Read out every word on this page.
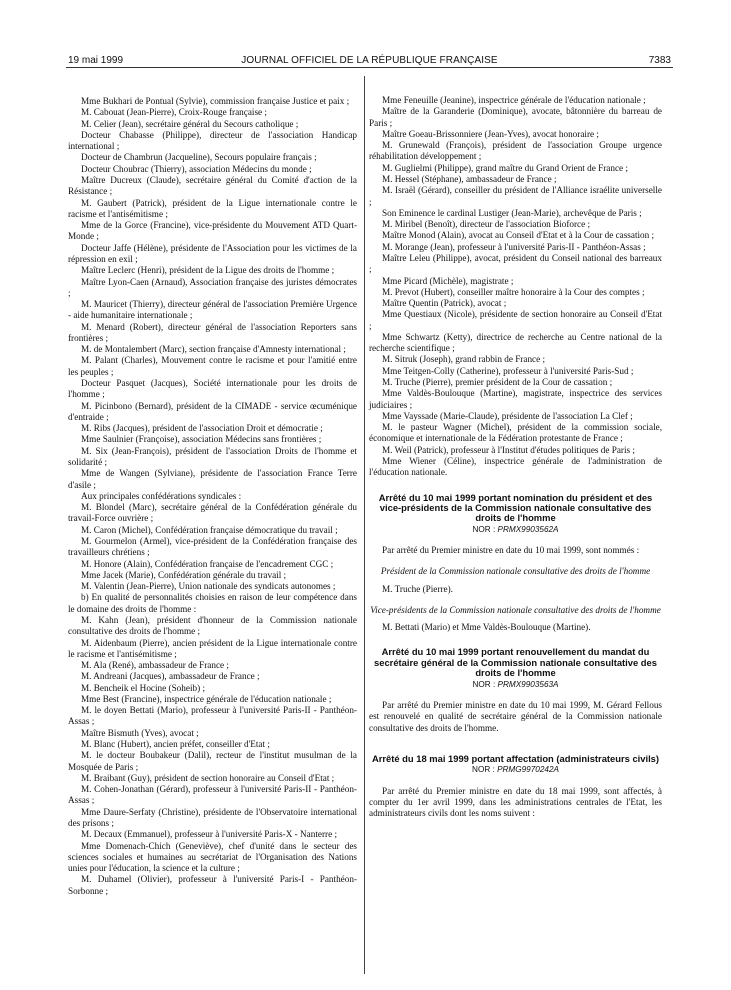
19 mai 1999	JOURNAL OFFICIEL DE LA RÉPUBLIQUE FRANÇAISE	7383

Mme Bukhari de Pontual (Sylvie), commission française Justice et paix ;

M. Cabouat (Jean-Pierre), Croix-Rouge française ;

M. Celier (Jean), secrétaire général du Secours catholique ;

Docteur Chabasse (Philippe), directeur de l'association Handicap international ;

Docteur de Chambrun (Jacqueline), Secours populaire français ;

Docteur Choubrac (Thierry), association Médecins du monde ;

Maître Ducreux (Claude), secrétaire général du Comité d'action de la Résistance ;

M. Gaubert (Patrick), président de la Ligue internationale contre le racisme et l'antisémitisme ;

Mme de la Gorce (Francine), vice-présidente du Mouvement ATD Quart-Monde ;

Docteur Jaffe (Hélène), présidente de l'Association pour les victimes de la répression en exil ;

Maître Leclerc (Henri), président de la Ligue des droits de l'homme ;

Maître Lyon-Caen (Arnaud), Association française des juristes démocrates ;

M. Mauricet (Thierry), directeur général de l'association Première Urgence - aide humanitaire internationale ;

M. Menard (Robert), directeur général de l'association Reporters sans frontières ;

M. de Montalembert (Marc), section française d'Amnesty international ;

M. Palant (Charles), Mouvement contre le racisme et pour l'amitié entre les peuples ;

Docteur Pasquet (Jacques), Société internationale pour les droits de l'homme ;

M. Picinbono (Bernard), président de la CIMADE - service œcuménique d'entraide ;

M. Ribs (Jacques), président de l'association Droit et démocratie ;

Mme Saulnier (Françoise), association Médecins sans frontières ;

M. Six (Jean-François), président de l'association Droits de l'homme et solidarité ;

Mme de Wangen (Sylviane), présidente de l'association France Terre d'asile ;

Aux principales confédérations syndicales :

M. Blondel (Marc), secrétaire général de la Confédération générale du travail-Force ouvrière ;

M. Caron (Michel), Confédération française démocratique du travail ;

M. Gourmelon (Armel), vice-président de la Confédération française des travailleurs chrétiens ;

M. Honore (Alain), Confédération française de l'encadrement CGC ;

Mme Jacek (Marie), Confédération générale du travail ;

M. Valentin (Jean-Pierre), Union nationale des syndicats autonomes ;

b) En qualité de personnalités choisies en raison de leur compétence dans le domaine des droits de l'homme :

M. Kahn (Jean), président d'honneur de la Commission nationale consultative des droits de l'homme ;

M. Aidenbaum (Pierre), ancien président de la Ligue internationale contre le racisme et l'antisémitisme ;

M. Ala (René), ambassadeur de France ;

M. Andreani (Jacques), ambassadeur de France ;

M. Bencheik el Hocine (Soheib) ;

Mme Best (Francine), inspectrice générale de l'éducation nationale ;

M. le doyen Bettati (Mario), professeur à l'université Paris-II - Panthéon-Assas ;

Maître Bismuth (Yves), avocat ;

M. Blanc (Hubert), ancien préfet, conseiller d'Etat ;

M. le docteur Boubakeur (Dalil), recteur de l'institut musulman de la Mosquée de Paris ;

M. Braibant (Guy), président de section honoraire au Conseil d'Etat ;

M. Cohen-Jonathan (Gérard), professeur à l'université Paris-II - Panthéon-Assas ;

Mme Daure-Serfaty (Christine), présidente de l'Observatoire international des prisons ;

M. Decaux (Emmanuel), professeur à l'université Paris-X - Nanterre ;

Mme Domenach-Chich (Geneviève), chef d'unité dans le secteur des sciences sociales et humaines au secrétariat de l'Organisation des Nations unies pour l'éducation, la science et la culture ;

M. Duhamel (Olivier), professeur à l'université Paris-I - Panthéon-Sorbonne ;

Mme Feneuille (Jeanine), inspectrice générale de l'éducation nationale ;

Maître de la Garanderie (Dominique), avocate, bâtonnière du barreau de Paris ;

Maître Goeau-Brissonniere (Jean-Yves), avocat honoraire ;

M. Grunewald (François), président de l'association Groupe urgence réhabilitation développement ;

M. Guglielmi (Philippe), grand maître du Grand Orient de France ;

M. Hessel (Stéphane), ambassadeur de France ;

M. Israël (Gérard), conseiller du président de l'Alliance israélite universelle ;

Son Eminence le cardinal Lustiger (Jean-Marie), archevêque de Paris ;

M. Miribel (Benoît), directeur de l'association Bioforce ;

Maître Monod (Alain), avocat au Conseil d'Etat et à la Cour de cassation ;

M. Morange (Jean), professeur à l'université Paris-II - Panthéon-Assas ;

Maître Leleu (Philippe), avocat, président du Conseil national des barreaux ;

Mme Picard (Michèle), magistrate ;

M. Prevot (Hubert), conseiller maître honoraire à la Cour des comptes ;

Maître Quentin (Patrick), avocat ;

Mme Questiaux (Nicole), présidente de section honoraire au Conseil d'Etat ;

Mme Schwartz (Ketty), directrice de recherche au Centre national de la recherche scientifique ;

M. Sitruk (Joseph), grand rabbin de France ;

Mme Teitgen-Colly (Catherine), professeur à l'université Paris-Sud ;

M. Truche (Pierre), premier président de la Cour de cassation ;

Mme Valdès-Boulouque (Martine), magistrate, inspectrice des services judiciaires ;

Mme Vayssade (Marie-Claude), présidente de l'association La Clef ;

M. le pasteur Wagner (Michel), président de la commission sociale, économique et internationale de la Fédération protestante de France ;

M. Weil (Patrick), professeur à l'Institut d'études politiques de Paris ;

Mme Wiener (Céline), inspectrice générale de l'administration de l'éducation nationale.

Arrêté du 10 mai 1999 portant nomination du président et des vice-présidents de la Commission nationale consultative des droits de l'homme

NOR : PRMX9903562A

Par arrêté du Premier ministre en date du 10 mai 1999, sont nommés :

Président de la Commission nationale consultative des droits de l'homme

M. Truche (Pierre).

Vice-présidents de la Commission nationale consultative des droits de l'homme

M. Bettati (Mario) et Mme Valdès-Boulouque (Martine).

Arrêté du 10 mai 1999 portant renouvellement du mandat du secrétaire général de la Commission nationale consultative des droits de l'homme

NOR : PRMX9903563A

Par arrêté du Premier ministre en date du 10 mai 1999, M. Gérard Fellous est renouvelé en qualité de secrétaire général de la Commission nationale consultative des droits de l'homme.

Arrêté du 18 mai 1999 portant affectation (administrateurs civils)

NOR : PRMG9970242A

Par arrêté du Premier ministre en date du 18 mai 1999, sont affectés, à compter du 1er avril 1999, dans les administrations centrales de l'Etat, les administrateurs civils dont les noms suivent :
